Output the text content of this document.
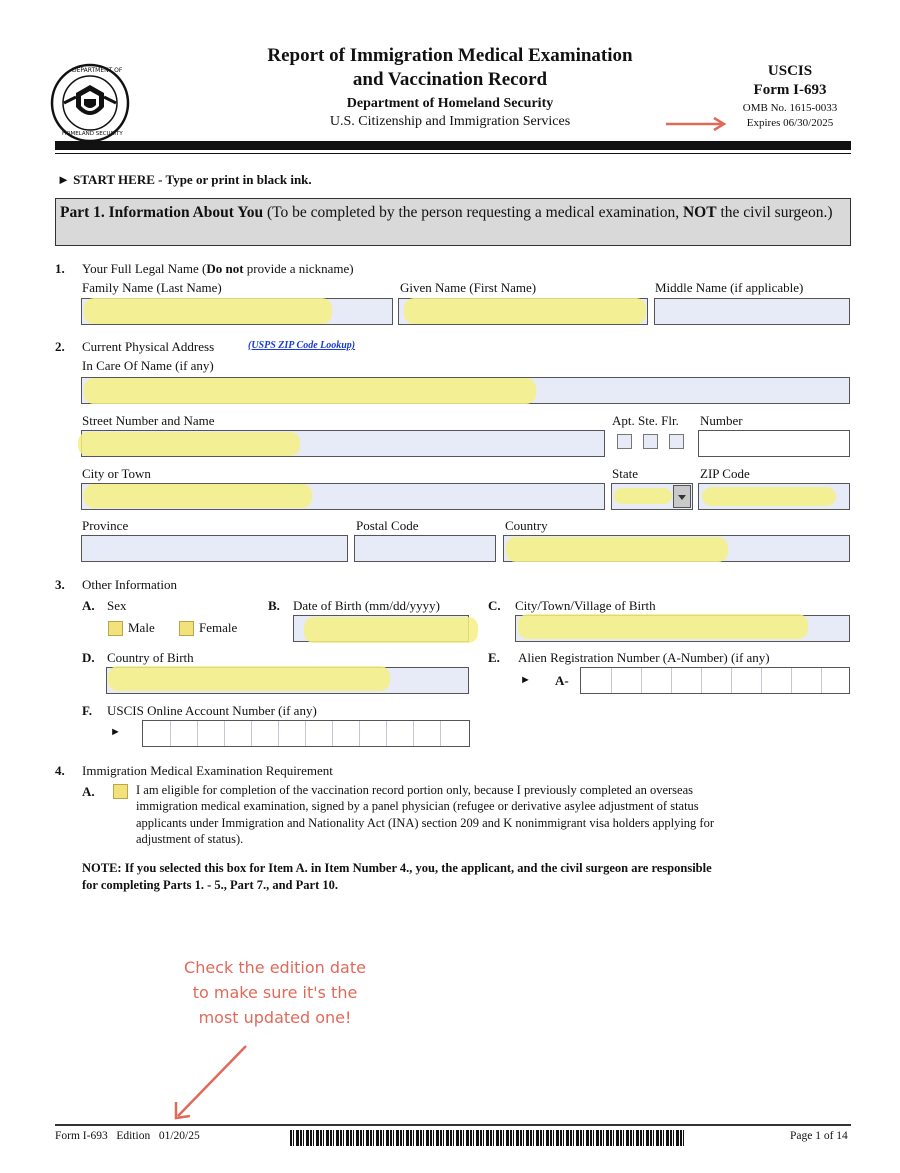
DEPARTMENT OF
HOMELAND SECURITY
Report of Immigration Medical Examination
and Vaccination Record
Department of Homeland Security
U.S. Citizenship and Immigration Services
USCIS
Form I-693
OMB No. 1615-0033
Expires 06/30/2025
► START HERE - Type or print in black ink.
Part 1. Information About You (To be completed by the person requesting a medical examination, NOT the civil surgeon.)
1. Your Full Legal Name (Do not provide a nickname)
Family Name (Last Name)	Given Name (First Name)	Middle Name (if applicable)
2. Current Physical Address	(USPS ZIP Code Lookup)
In Care Of Name (if any)
Street Number and Name	Apt. Ste. Flr. Number
City or Town	State	ZIP Code
Province	Postal Code	Country
3. Other Information
A. Sex
Male	Female
B. Date of Birth (mm/dd/yyyy)	C. City/Town/Village of Birth
D. Country of Birth	E. Alien Registration Number (A-Number) (if any)
► A-
F. USCIS Online Account Number (if any)
►
4. Immigration Medical Examination Requirement
A.	I am eligible for completion of the vaccination record portion only, because I previously completed an overseas
immigration medical examination, signed by a panel physician (refugee or derivative asylee adjustment of status
applicants under Immigration and Nationality Act (INA) section 209 and K nonimmigrant visa holders applying for
adjustment of status).
NOTE: If you selected this box for Item A. in Item Number 4., you, the applicant, and the civil surgeon are responsible
for completing Parts 1. - 5., Part 7., and Part 10.
Check the edition date
to make sure it's the
most updated one!
Form I-693   Edition   01/20/25	Page 1 of 14
